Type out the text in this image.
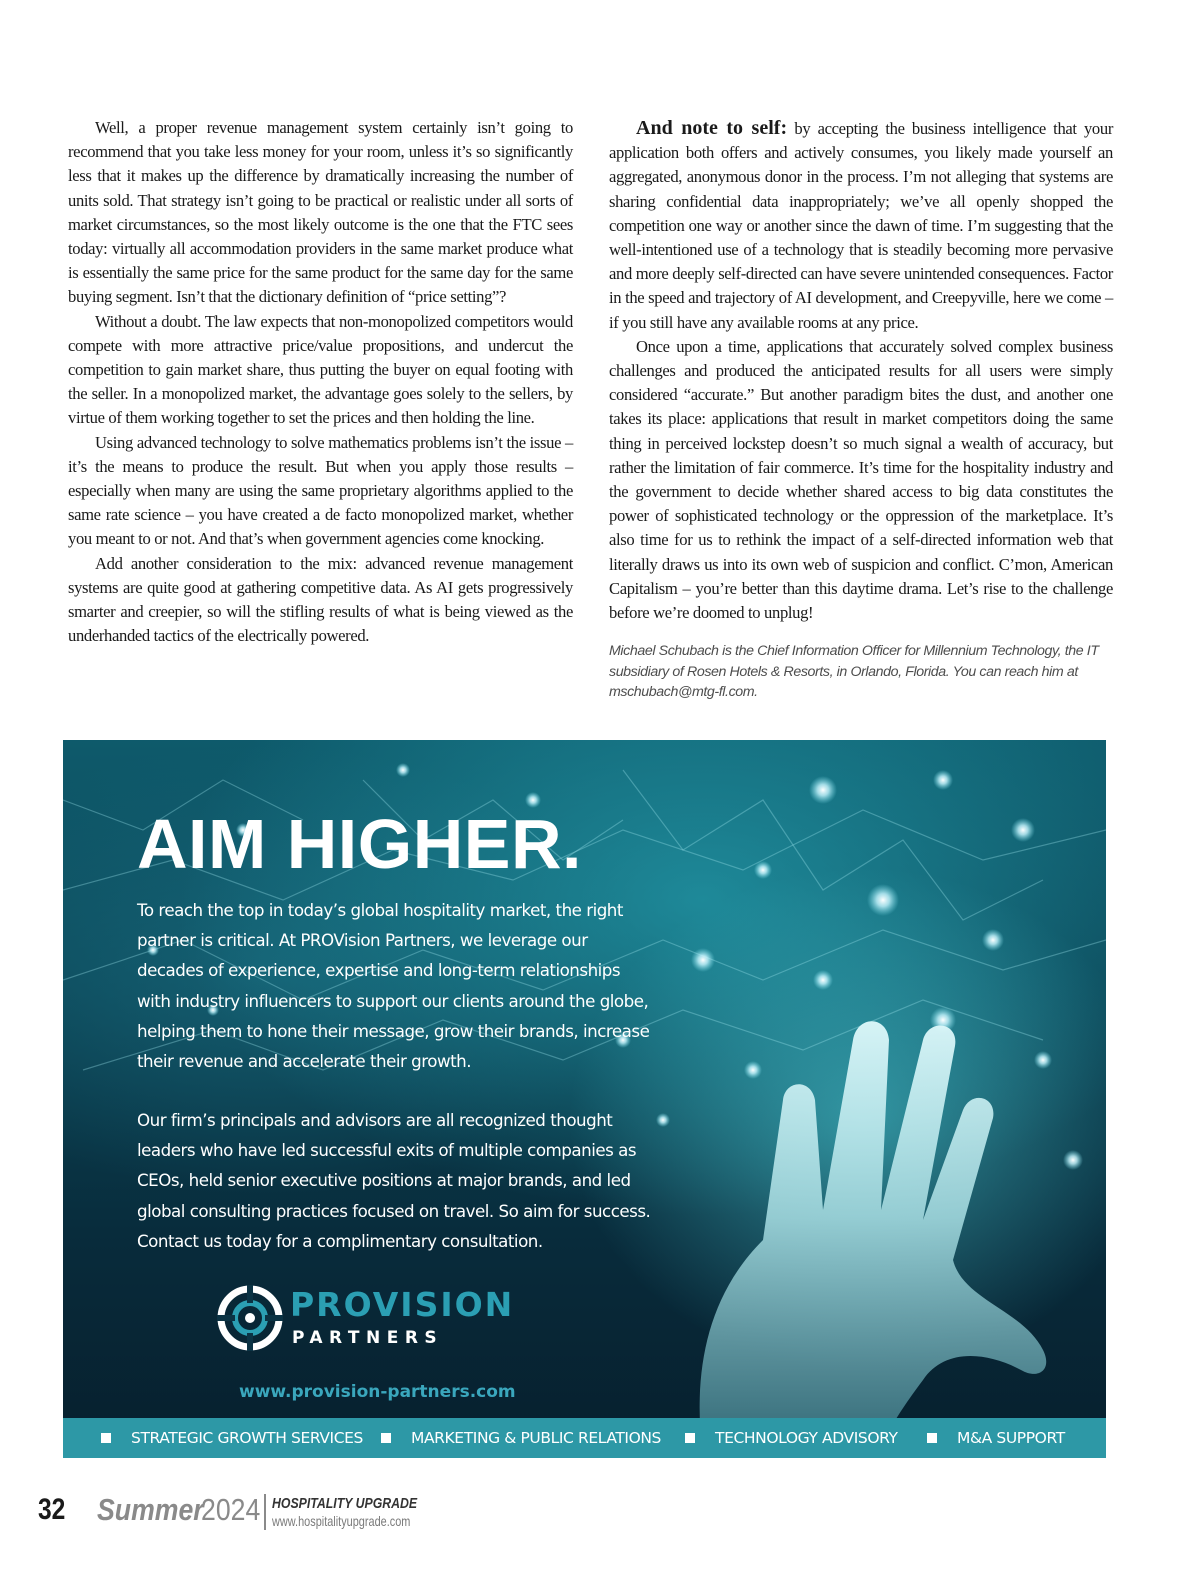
Well, a proper revenue management system certainly isn’t going to recommend that you take less money for your room, unless it’s so significantly less that it makes up the difference by dramatically increasing the number of units sold. That strategy isn’t going to be practical or realistic under all sorts of market circumstances, so the most likely outcome is the one that the FTC sees today: virtually all accommodation providers in the same market produce what is essentially the same price for the same product for the same day for the same buying segment. Isn’t that the dictionary definition of “price setting”?

Without a doubt. The law expects that non-monopolized competitors would compete with more attractive price/value propositions, and undercut the competition to gain market share, thus putting the buyer on equal footing with the seller. In a monopolized market, the advantage goes solely to the sellers, by virtue of them working together to set the prices and then holding the line.

Using advanced technology to solve mathematics problems isn’t the issue – it’s the means to produce the result. But when you apply those results – especially when many are using the same proprietary algorithms applied to the same rate science – you have created a de facto monopolized market, whether you meant to or not. And that’s when government agencies come knocking.

Add another consideration to the mix: advanced revenue management systems are quite good at gathering competitive data. As AI gets progressively smarter and creepier, so will the stifling results of what is being viewed as the underhanded tactics of the electrically powered.

And note to self: by accepting the business intelligence that your application both offers and actively consumes, you likely made yourself an aggregated, anonymous donor in the process. I’m not alleging that systems are sharing confidential data inappropriately; we’ve all openly shopped the competition one way or another since the dawn of time. I’m suggesting that the well-intentioned use of a technology that is steadily becoming more pervasive and more deeply self-directed can have severe unintended consequences. Factor in the speed and trajectory of AI development, and Creepyville, here we come – if you still have any available rooms at any price.

Once upon a time, applications that accurately solved complex business challenges and produced the anticipated results for all users were simply considered “accurate.” But another paradigm bites the dust, and another one takes its place: applications that result in market competitors doing the same thing in perceived lockstep doesn’t so much signal a wealth of accuracy, but rather the limitation of fair commerce. It’s time for the hospitality industry and the government to decide whether shared access to big data constitutes the power of sophisticated technology or the oppression of the marketplace. It’s also time for us to rethink the impact of a self-directed information web that literally draws us into its own web of suspicion and conflict. C’mon, American Capitalism – you’re better than this daytime drama. Let’s rise to the challenge before we’re doomed to unplug!

Michael Schubach is the Chief Information Officer for Millennium Technology, the IT subsidiary of Rosen Hotels & Resorts, in Orlando, Florida. You can reach him at mschubach@mtg-fl.com.

AIM HIGHER.

To reach the top in today’s global hospitality market, the right partner is critical. At PROVision Partners, we leverage our decades of experience, expertise and long-term relationships with industry influencers to support our clients around the globe, helping them to hone their message, grow their brands, increase their revenue and accelerate their growth.

Our firm’s principals and advisors are all recognized thought leaders who have led successful exits of multiple companies as CEOs, held senior executive positions at major brands, and led global consulting practices focused on travel. So aim for success. Contact us today for a complimentary consultation.

PROVISION

PARTNERS

www.provision-partners.com

STRATEGIC GROWTH SERVICES	MARKETING & PUBLIC RELATIONS	TECHNOLOGY ADVISORY	M&A SUPPORT

32 Summer

2024 HOSPITALITY UPGRADE

www.hospitalityupgrade.com
